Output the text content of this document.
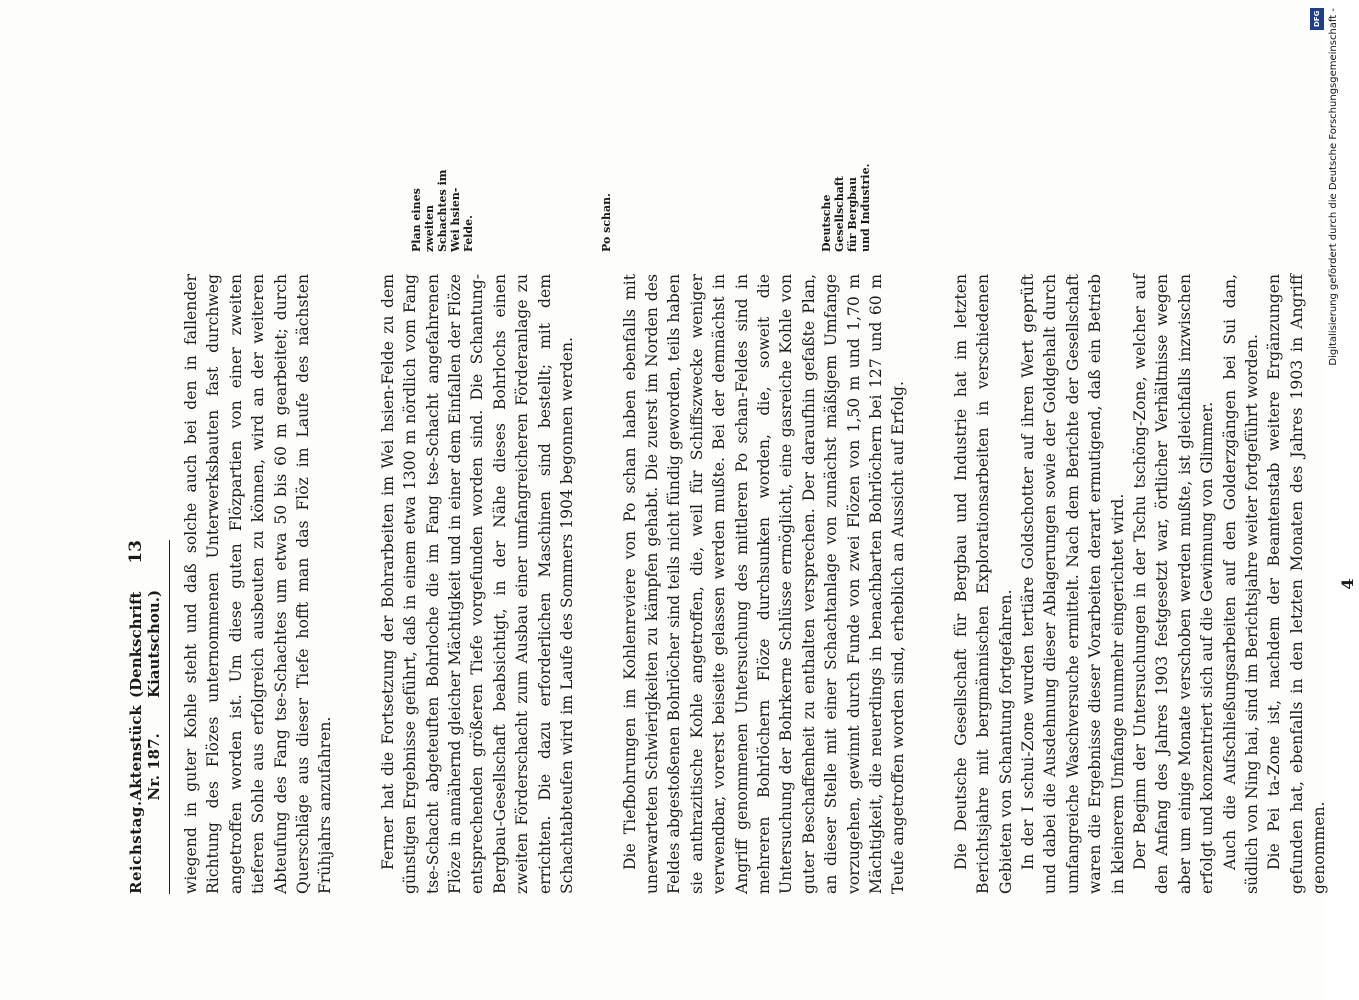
Reichstag.
Aktenstück Nr. 187.
(Denkschrift Kiautschou.)
13 wiegend in guter Kohle steht und daß solche auch bei den in fallender Richtung des Flözes unternommenen Unterwerksbauten fast durchweg angetroffen worden ist. Um diese guten Flözpartien von einer zweiten tieferen Sohle aus erfolgreich ausbeuten zu können, wird an der weiteren Abteufung des Fang tse-Schachtes um etwa 50 bis 60 m gearbeitet; durch Querschläge aus dieser Tiefe hofft man das Flöz im Laufe des nächsten Frühjahrs anzufahren.	Ferner hat die Fortsetzung der Bohrarbeiten im Wei hsien-Felde zu dem günstigen Ergebnisse geführt, daß in einem etwa 1300 m nördlich vom Fang tse-Schacht abgeteuften Bohrloche die im Fang tse-Schacht angefahrenen Flöze in annähernd gleicher Mächtigkeit und in einer dem Einfallen der Flöze entsprechenden größeren Tiefe vorgefunden worden sind. Die Schantung-Bergbau-Gesellschaft beabsichtigt, in der Nähe dieses Bohrlochs einen zweiten Förderschacht zum Ausbau einer umfangreicheren Förderanlage zu errichten. Die dazu erforderlichen Maschinen sind bestellt; mit dem Schachtabteufen wird im Laufe des Sommers 1904 begonnen werden.	Die Tiefbohrungen im Kohlenreviere von Po schan haben ebenfalls mit unerwarteten Schwierigkeiten zu kämpfen gehabt. Die zuerst im Norden des Feldes abgestoßenen Bohrlöcher sind teils nicht fündig geworden, teils haben sie anthrazitische Kohle angetroffen, die, weil für Schiffszwecke weniger verwendbar, vorerst beiseite gelassen werden mußte. Bei der demnächst in Angriff genommenen Untersuchung des mittleren Po schan-Feldes sind in mehreren Bohrlöchern Flöze durchsunken worden, die, soweit die Untersuchung der Bohrkerne Schlüsse ermöglicht, eine gasreiche Kohle von guter Beschaffenheit zu enthalten versprechen. Der daraufhin gefaßte Plan, an dieser Stelle mit einer Schachtanlage von zunächst mäßigem Umfange vorzugehen, gewinnt durch Funde von zwei Flözen von 1,50 m und 1,70 m Mächtigkeit, die neuerdings in benachbarten Bohrlöchern bei 127 und 60 m Teufe angetroffen worden sind, erheblich an Aussicht auf Erfolg.	Die Deutsche Gesellschaft für Bergbau und Industrie hat im letzten Berichtsjahre mit bergmännischen Explorationsarbeiten in verschiedenen Gebieten von Schantung fortgefahren. In der I schui-Zone wurden tertiäre Goldschotter auf ihren Wert geprüft und dabei die Ausdehnung dieser Ablagerungen sowie der Goldgehalt durch umfangreiche Waschversuche ermittelt. Nach dem Berichte der Gesellschaft waren die Ergebnisse dieser Vorarbeiten derart ermutigend, daß ein Betrieb in kleinerem Umfange nunmehr eingerichtet wird. Der Beginn der Untersuchungen in der Tschu tschöng-Zone, welcher auf den Anfang des Jahres 1903 festgesetzt war, örtlicher Verhältnisse wegen aber um einige Monate verschoben werden mußte, ist gleichfalls inzwischen erfolgt und konzentriert sich auf die Gewinnung von Glimmer. Auch die Aufschließungsarbeiten auf den Golderzgängen bei Sui dan, südlich von Ning hai, sind im Berichtsjahre weiter fortgeführt worden. Die Pei ta-Zone ist, nachdem der Beamtenstab weitere Ergänzungen gefunden hat, ebenfalls in den letzten Monaten des Jahres 1903 in Angriff genommen.

4
Plan eines zweiten Schachtes im Wei hsien-Felde.	Po schan.	Deutsche Gesellschaft für Bergbau und Industrie.	Digitalisierung gefördert durch die Deutsche Forschungsgemeinschaft -
DFG
